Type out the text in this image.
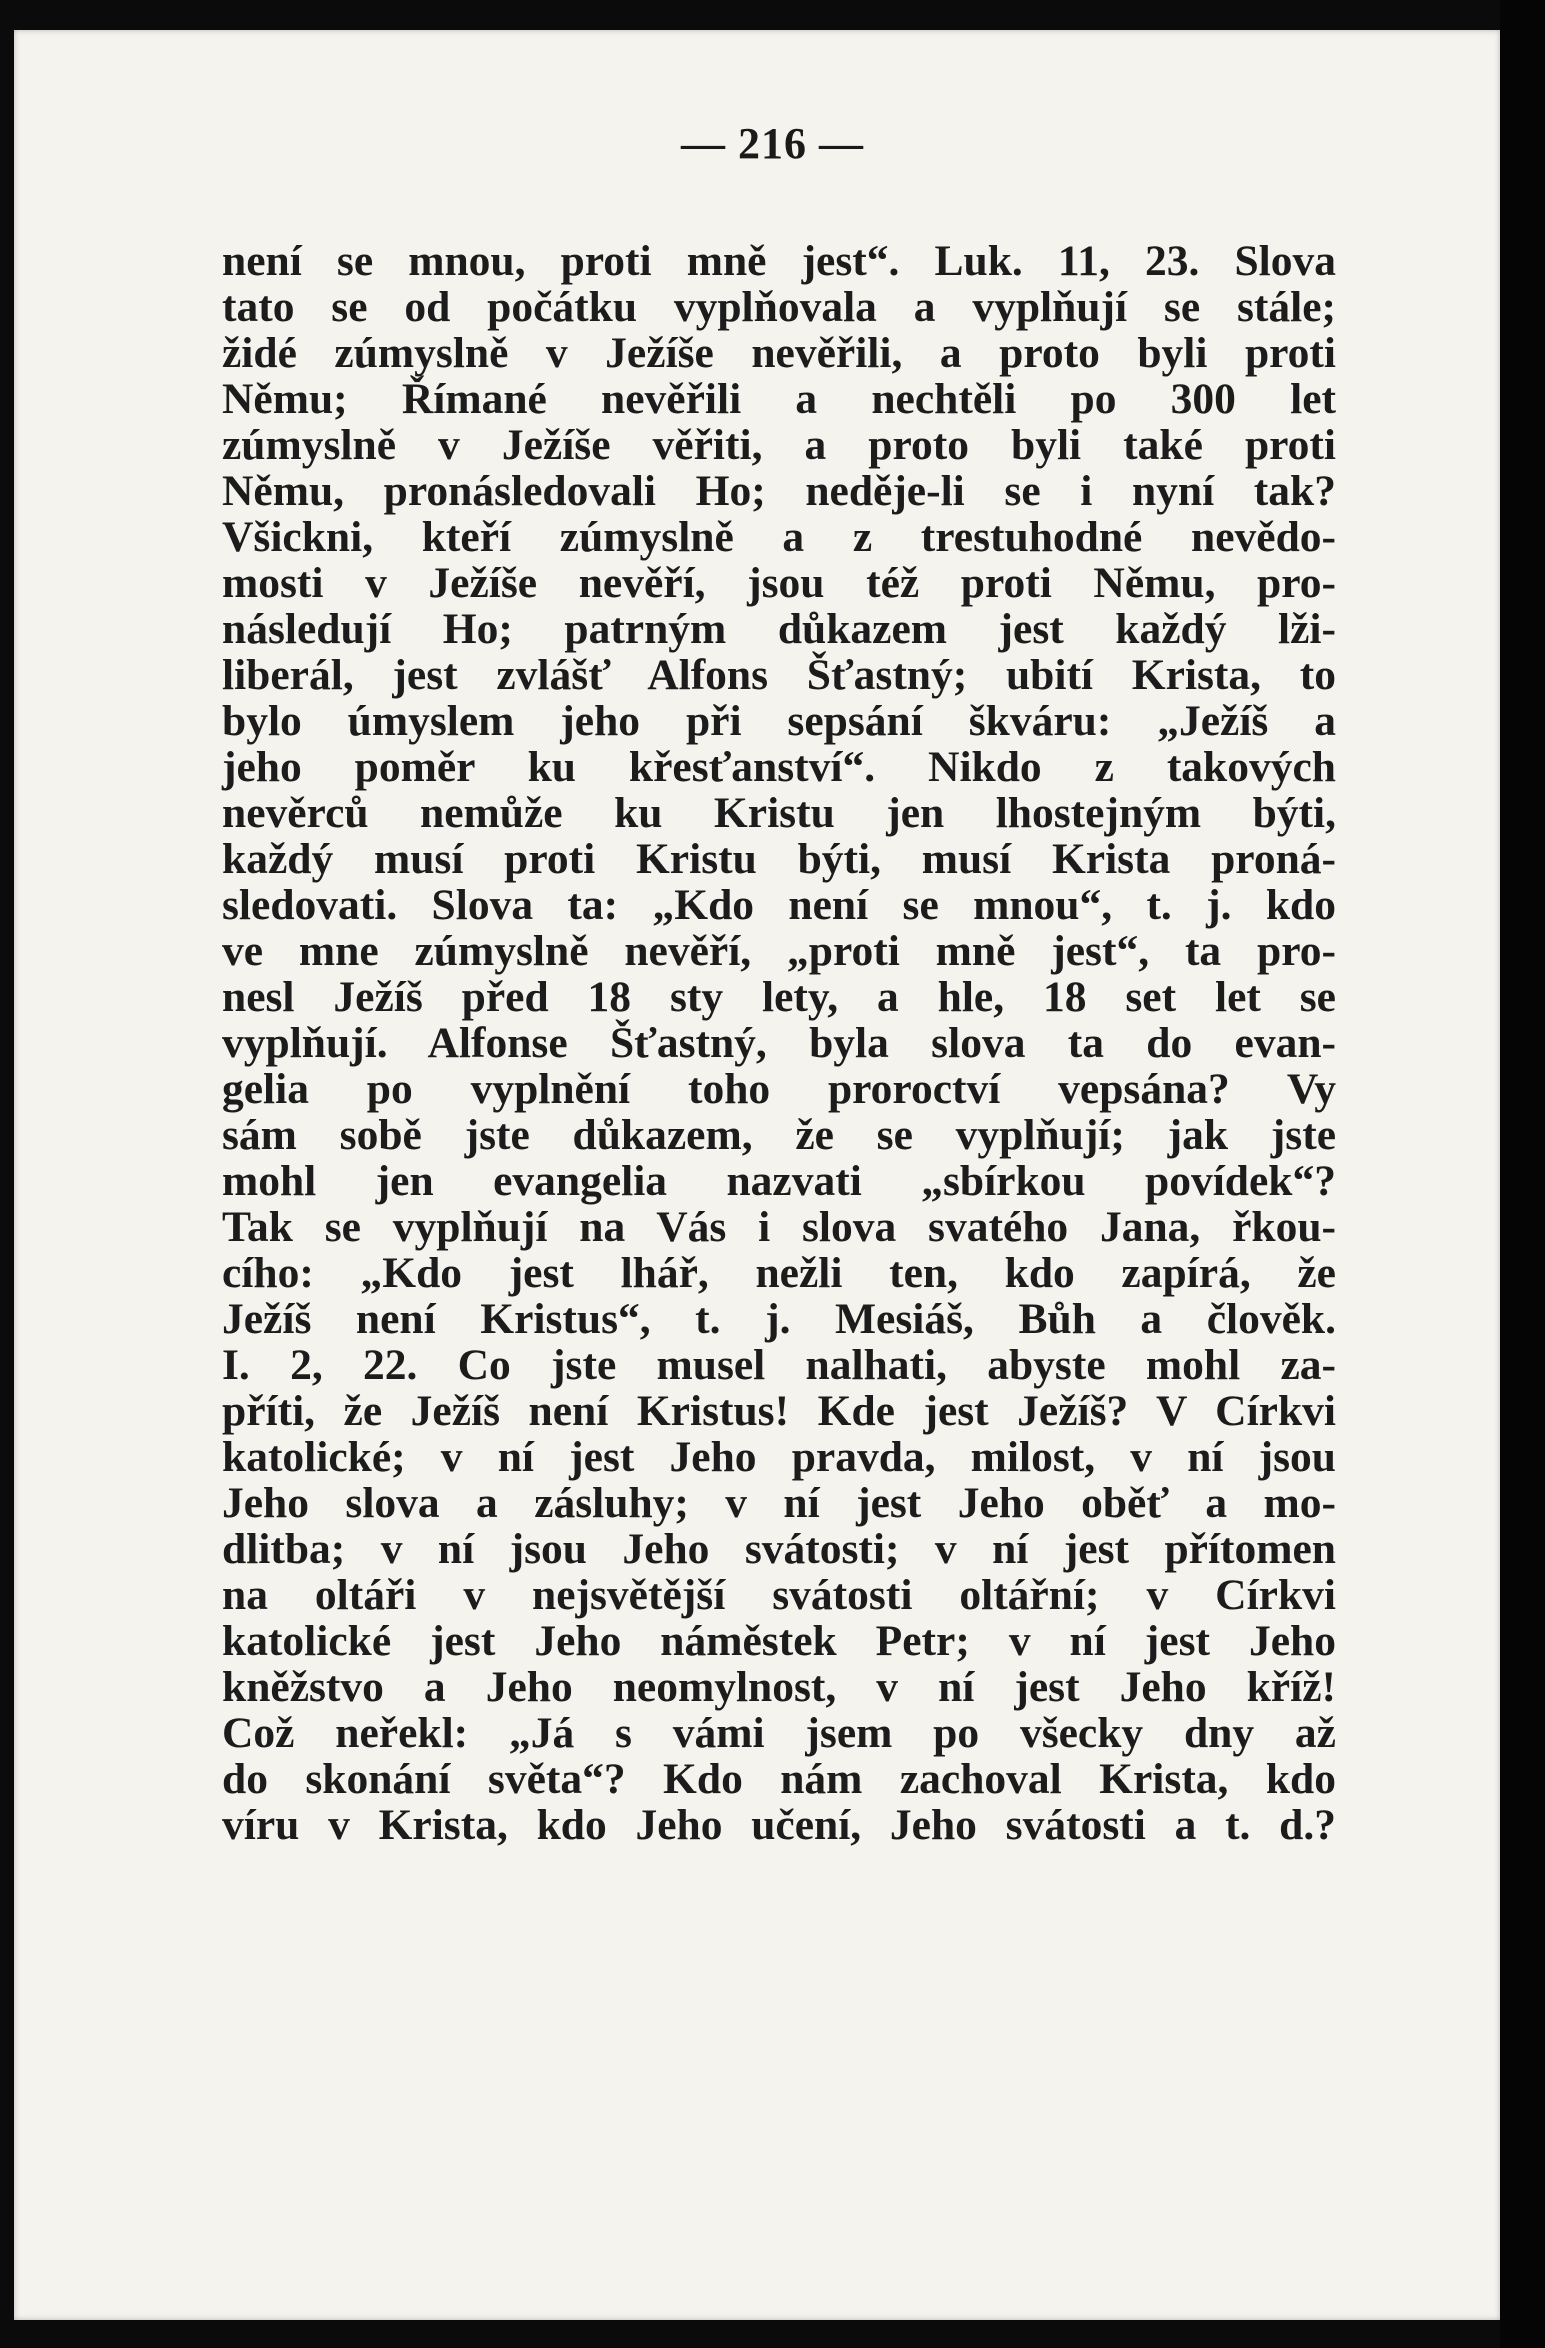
— 216 —
není se mnou, proti mně jest“. Luk. 11, 23. Slova
tato se od počátku vyplňovala a vyplňují se stále;
židé zúmyslně v Ježíše nevěřili, a proto byli proti
Němu; Římané nevěřili a nechtěli po 300 let
zúmyslně v Ježíše věřiti, a proto byli také proti
Němu, pronásledovali Ho; neděje-li se i nyní tak?
Všickni, kteří zúmyslně a z trestuhodné nevědo-
mosti v Ježíše nevěří, jsou též proti Němu, pro-
následují Ho; patrným důkazem jest každý lži-
liberál, jest zvlášť Alfons Šťastný; ubití Krista, to
bylo úmyslem jeho při sepsání škváru: „Ježíš a
jeho poměr ku křesťanství“. Nikdo z takových
nevěrců nemůže ku Kristu jen lhostejným býti,
každý musí proti Kristu býti, musí Krista proná-
sledovati. Slova ta: „Kdo není se mnou“, t. j. kdo
ve mne zúmyslně nevěří, „proti mně jest“, ta pro-
nesl Ježíš před 18 sty lety, a hle, 18 set let se
vyplňují. Alfonse Šťastný, byla slova ta do evan-
gelia po vyplnění toho proroctví vepsána? Vy
sám sobě jste důkazem, že se vyplňují; jak jste
mohl jen evangelia nazvati „sbírkou povídek“?
Tak se vyplňují na Vás i slova svatého Jana, řkou-
cího: „Kdo jest lhář, nežli ten, kdo zapírá, že
Ježíš není Kristus“, t. j. Mesiáš, Bůh a člověk.
I. 2, 22. Co jste musel nalhati, abyste mohl za-
příti, že Ježíš není Kristus! Kde jest Ježíš? V Církvi
katolické; v ní jest Jeho pravda, milost, v ní jsou
Jeho slova a zásluhy; v ní jest Jeho oběť a mo-
dlitba; v ní jsou Jeho svátosti; v ní jest přítomen
na oltáři v nejsvětější svátosti oltářní; v Církvi
katolické jest Jeho náměstek Petr; v ní jest Jeho
kněžstvo a Jeho neomylnost, v ní jest Jeho kříž!
Což neřekl: „Já s vámi jsem po všecky dny až
do skonání světa“? Kdo nám zachoval Krista, kdo
víru v Krista, kdo Jeho učení, Jeho svátosti a t. d.?
